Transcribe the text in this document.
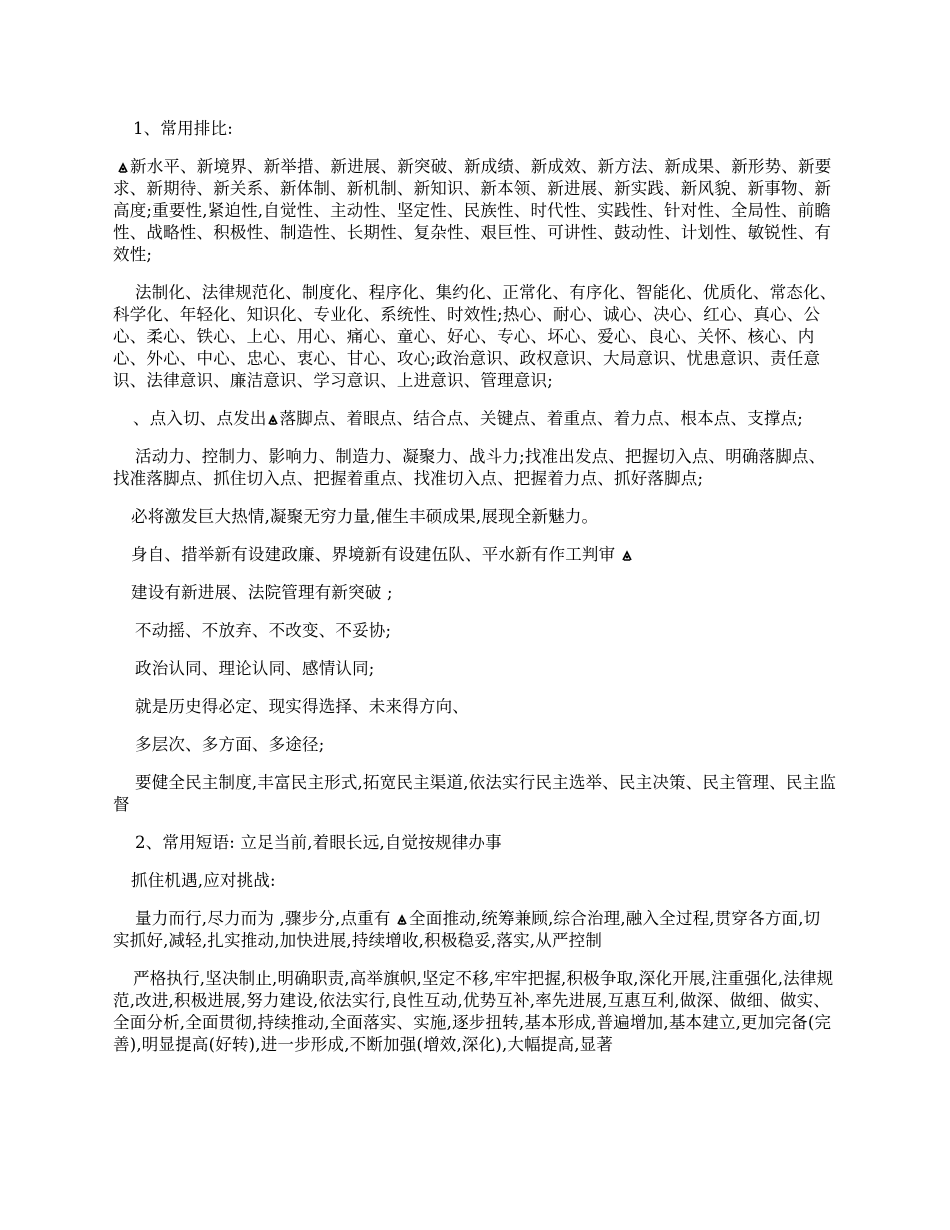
1、常用排比:

新水平、新境界、新举措、新进展、新突破、新成绩、新成效、新方法、新成果、新形势、新要求、新期待、新关系、新体制、新机制、新知识、新本领、新进展、新实践、新风貌、新事物、新高度;重要性,紧迫性,自觉性、主动性、坚定性、民族性、时代性、实践性、针对性、全局性、前瞻性、战略性、积极性、制造性、长期性、复杂性、艰巨性、可讲性、鼓动性、计划性、敏锐性、有效性;

法制化、法律规范化、制度化、程序化、集约化、正常化、有序化、智能化、优质化、常态化、科学化、年轻化、知识化、专业化、系统性、时效性;热心、耐心、诚心、决心、红心、真心、公心、柔心、铁心、上心、用心、痛心、童心、好心、专心、坏心、爱心、良心、关怀、核心、内心、外心、中心、忠心、衷心、甘心、攻心;政治意识、政权意识、大局意识、忧患意识、责任意识、法律意识、廉洁意识、学习意识、上进意识、管理意识;

、点入切、点发出 落脚点、着眼点、结合点、关键点、着重点、着力点、根本点、支撑点;

活动力、控制力、影响力、制造力、凝聚力、战斗力;找准出发点、把握切入点、明确落脚点、找准落脚点、抓住切入点、把握着重点、找准切入点、把握着力点、抓好落脚点;

必将激发巨大热情,凝聚无穷力量,催生丰硕成果,展现全新魅力。

身自、措举新有设建政廉、界境新有设建伍队、平水新有作工判审

建设有新进展、法院管理有新突破 ;

不动摇、不放弃、不改变、不妥协;

政治认同、理论认同、感情认同;

就是历史得必定、现实得选择、未来得方向、

多层次、多方面、多途径;

要健全民主制度,丰富民主形式,拓宽民主渠道,依法实行民主选举、民主决策、民主管理、民主监督

2、常用短语: 立足当前,着眼长远,自觉按规律办事

抓住机遇,应对挑战:

量力而行,尽力而为 ,骤步分,点重有 全面推动,统筹兼顾,综合治理,融入全过程,贯穿各方面,切实抓好,减轻,扎实推动,加快进展,持续增收,积极稳妥,落实,从严控制

严格执行,坚决制止,明确职责,高举旗帜,坚定不移,牢牢把握,积极争取,深化开展,注重强化,法律规范,改进,积极进展,努力建设,依法实行,良性互动,优势互补,率先进展,互惠互利,做深、做细、做实、全面分析,全面贯彻,持续推动,全面落实、实施,逐步扭转,基本形成,普遍增加,基本建立,更加完备(完善),明显提高(好转),进一步形成,不断加强(增效,深化),大幅提高,显著
